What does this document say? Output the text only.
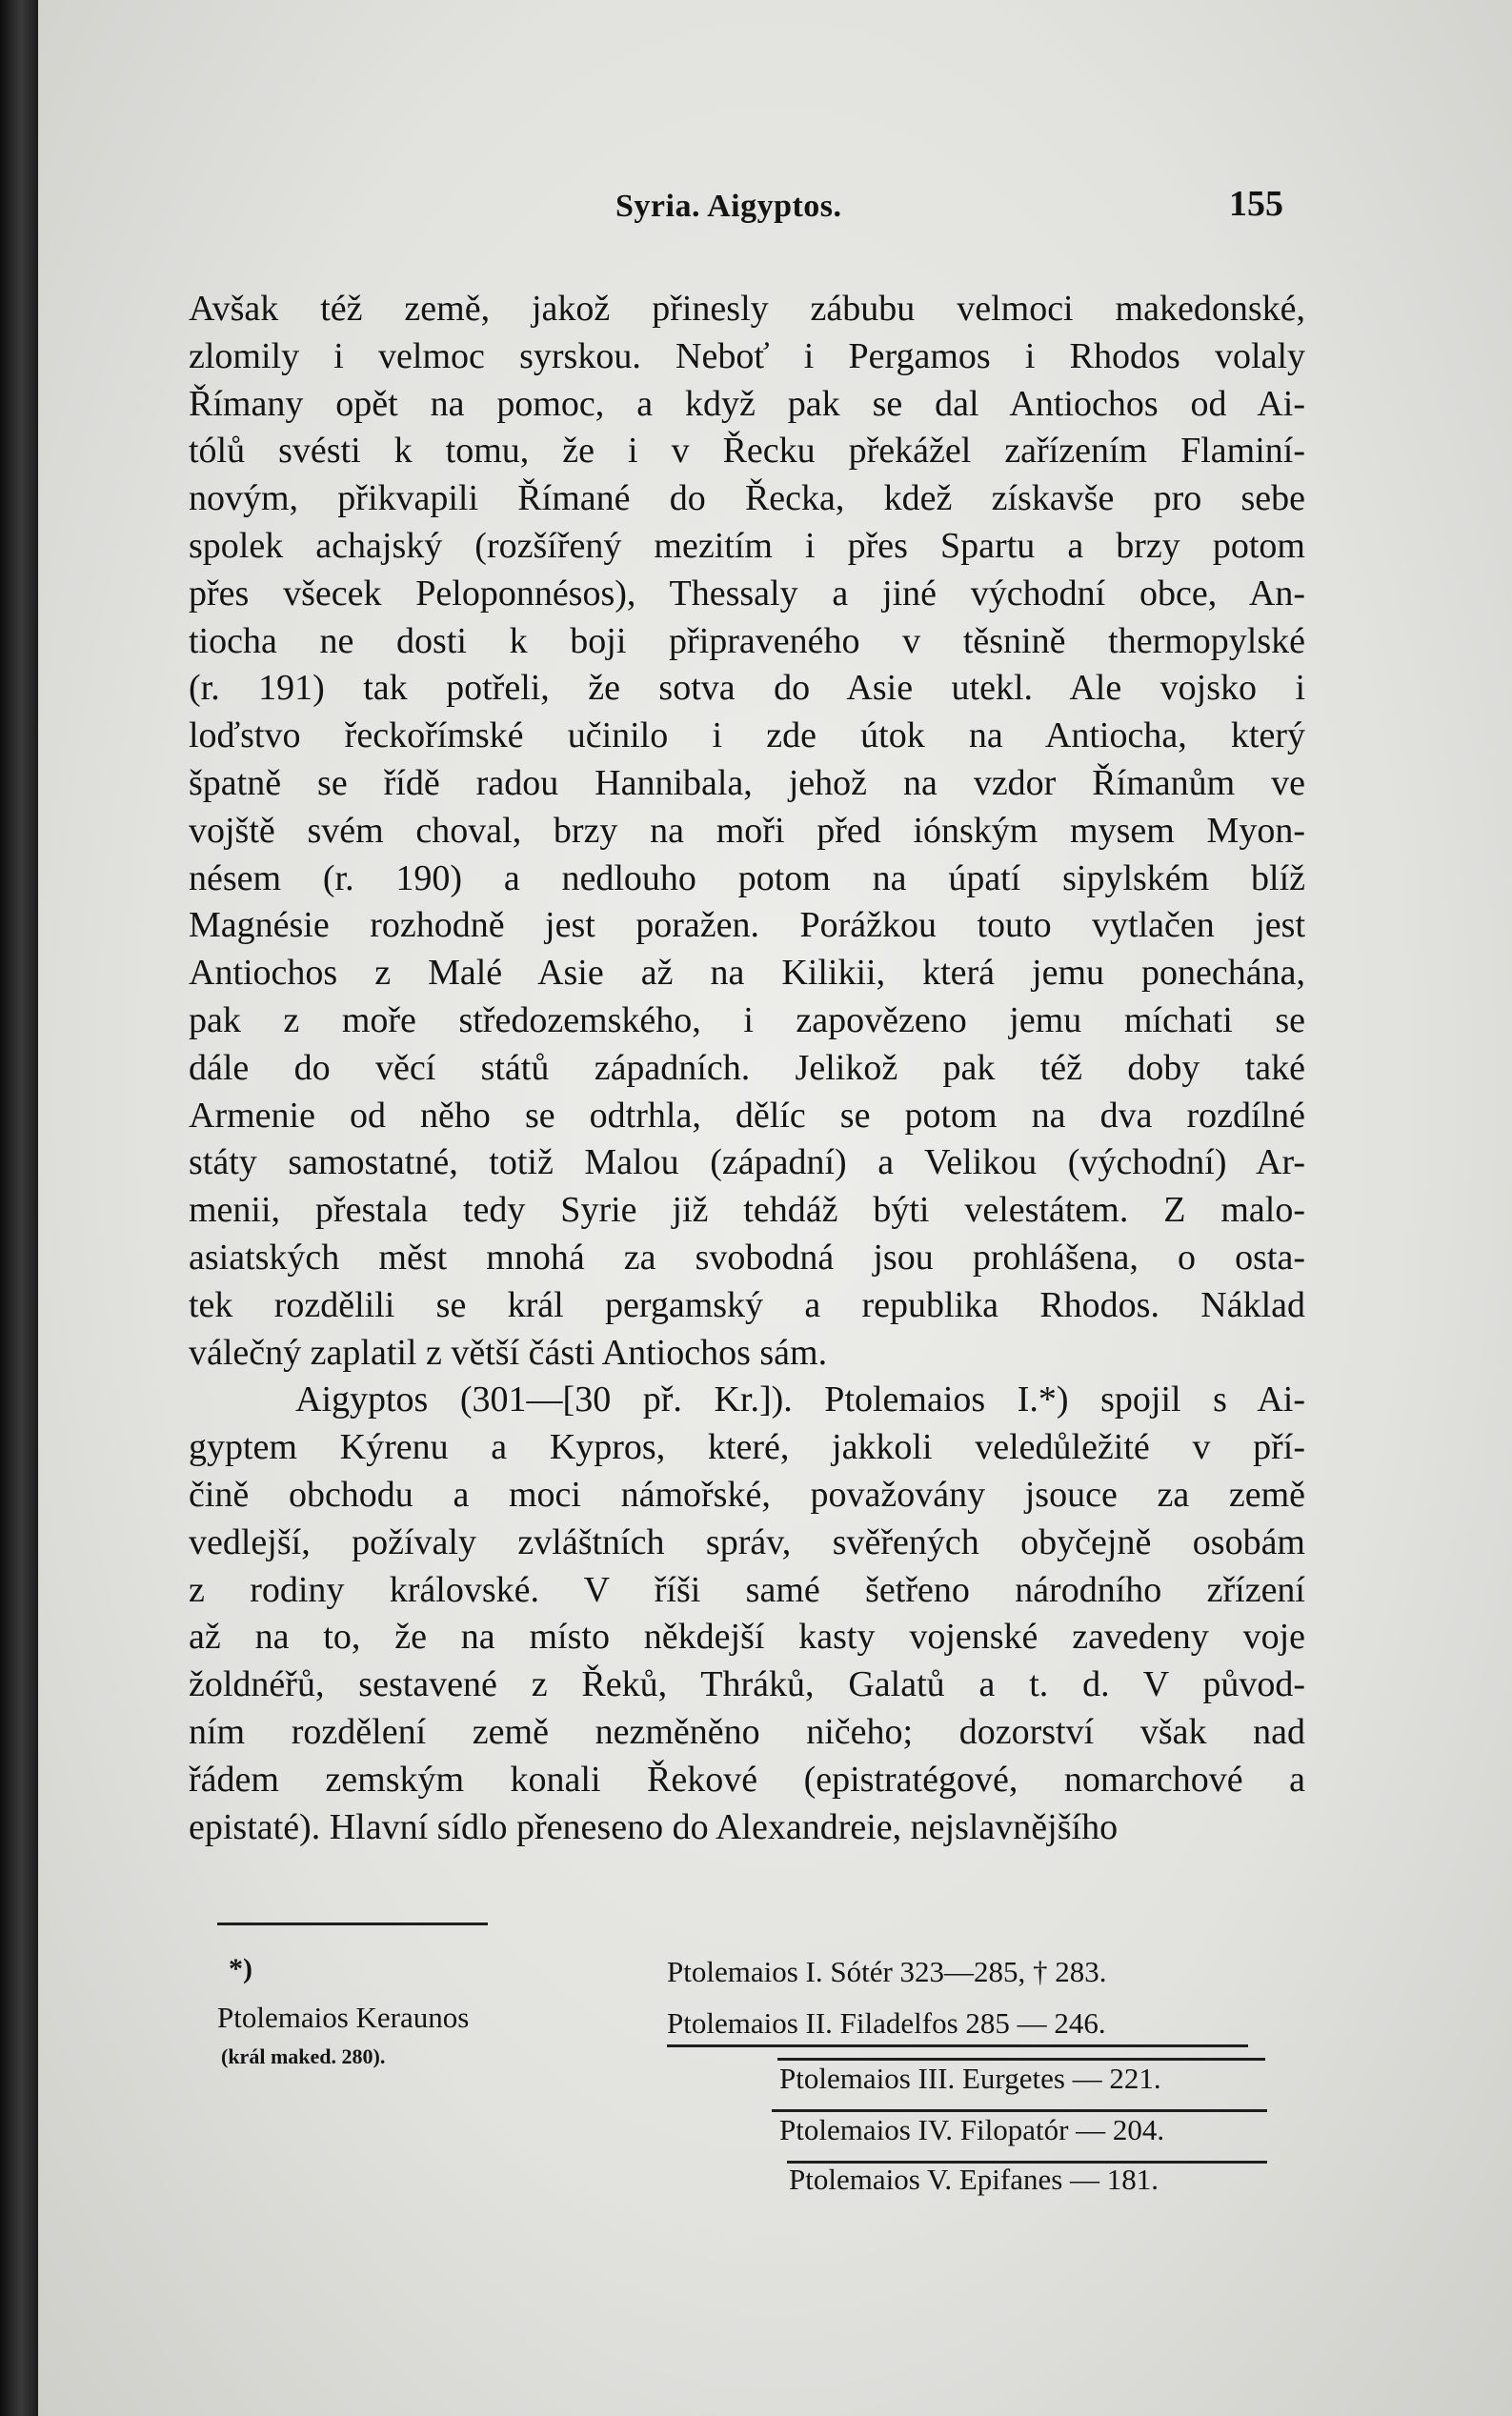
Syria. Aigyptos.	155
Avšak též země, jakož přinesly zábubu velmoci makedonské,
zlomily i velmoc syrskou. Neboť i Pergamos i Rhodos volaly
Římany opět na pomoc, a když pak se dal Antiochos od Ai-
tólů svésti k tomu, že i v Řecku překážel zařízením Flaminí-
novým, přikvapili Římané do Řecka, kdež získavše pro sebe
spolek achajský (rozšířený mezitím i přes Spartu a brzy potom
přes všecek Peloponnésos), Thessaly a jiné východní obce, An-
tiocha ne dosti k boji připraveného v těsnině thermopylské
(r. 191) tak potřeli, že sotva do Asie utekl. Ale vojsko i
loďstvo řeckořímské učinilo i zde útok na Antiocha, který
špatně se řídě radou Hannibala, jehož na vzdor Římanům ve
vojště svém choval, brzy na moři před iónským mysem Myon-
nésem (r. 190) a nedlouho potom na úpatí sipylském blíž
Magnésie rozhodně jest poražen. Porážkou touto vytlačen jest
Antiochos z Malé Asie až na Kilikii, která jemu ponechána,
pak z moře středozemského, i zapovězeno jemu míchati se
dále do věcí států západních. Jelikož pak též doby také
Armenie od něho se odtrhla, dělíc se potom na dva rozdílné
státy samostatné, totiž Malou (západní) a Velikou (východní) Ar-
menii, přestala tedy Syrie již tehdáž býti velestátem. Z malo-
asiatských měst mnohá za svobodná jsou prohlášena, o osta-
tek rozdělili se král pergamský a republika Rhodos. Náklad
válečný zaplatil z větší části Antiochos sám.
Aigyptos (301—[30 př. Kr.]). Ptolemaios I.*) spojil s Ai-
gyptem Kýrenu a Kypros, které, jakkoli veledůležité v pří-
čině obchodu a moci námořské, považovány jsouce za země
vedlejší, požívaly zvláštních správ, svěřených obyčejně osobám
z rodiny královské. V říši samé šetřeno národního zřízení
až na to, že na místo někdejší kasty vojenské zavedeny voje
žoldnéřů, sestavené z Řeků, Thráků, Galatů a t. d. V původ-
ním rozdělení země nezměněno ničeho; dozorství však nad
řádem zemským konali Řekové (epistratégové, nomarchové a
epistaté). Hlavní sídlo přeneseno do Alexandreie, nejslavnějšího
*)
Ptolemaios Keraunos
(král maked. 280).
Ptolemaios I. Sótér 323—285, † 283.
Ptolemaios II. Filadelfos 285 — 246.
Ptolemaios III. Eurgetes — 221.
Ptolemaios IV. Filopatór — 204.
Ptolemaios V. Epifanes — 181.
